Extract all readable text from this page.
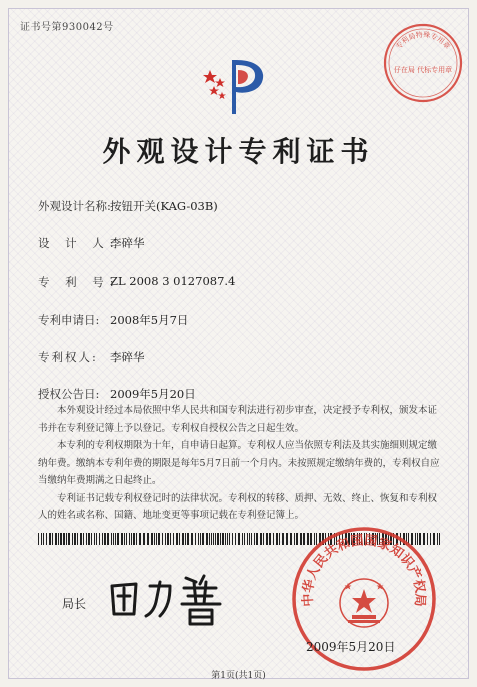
证书号第930042号
专利局特殊专用章
仔在局 代标专用章
外观设计专利证书
外观设计名称: 按钮开关(KAG-03B)
设 计 人:
李碎华
专 利 号:
ZL 2008 3 0127087.4
专利申请日: 2008年5月7日
专利权人: 李碎华
授权公告日: 2009年5月20日

本外观设计经过本局依照中华人民共和国专利法进行初步审查，决定授予专利权，颁发本证书并在专利登记簿上予以登记。专利权自授权公告之日起生效。

本专利的专利权期限为十年，自申请日起算。专利权人应当依照专利法及其实施细则规定缴纳年费。缴纳本专利年费的期限是每年5月7日前一个月内。未按照规定缴纳年费的，专利权自应当缴纳年费期满之日起终止。

专利证书记载专利权登记时的法律状况。专利权的转移、质押、无效、终止、恢复和专利权人的姓名或名称、国籍、地址变更等事项记载在专利登记簿上。

局长	中华人民共和国国家知识产权局
2009年5月20日
第1页(共1页)
